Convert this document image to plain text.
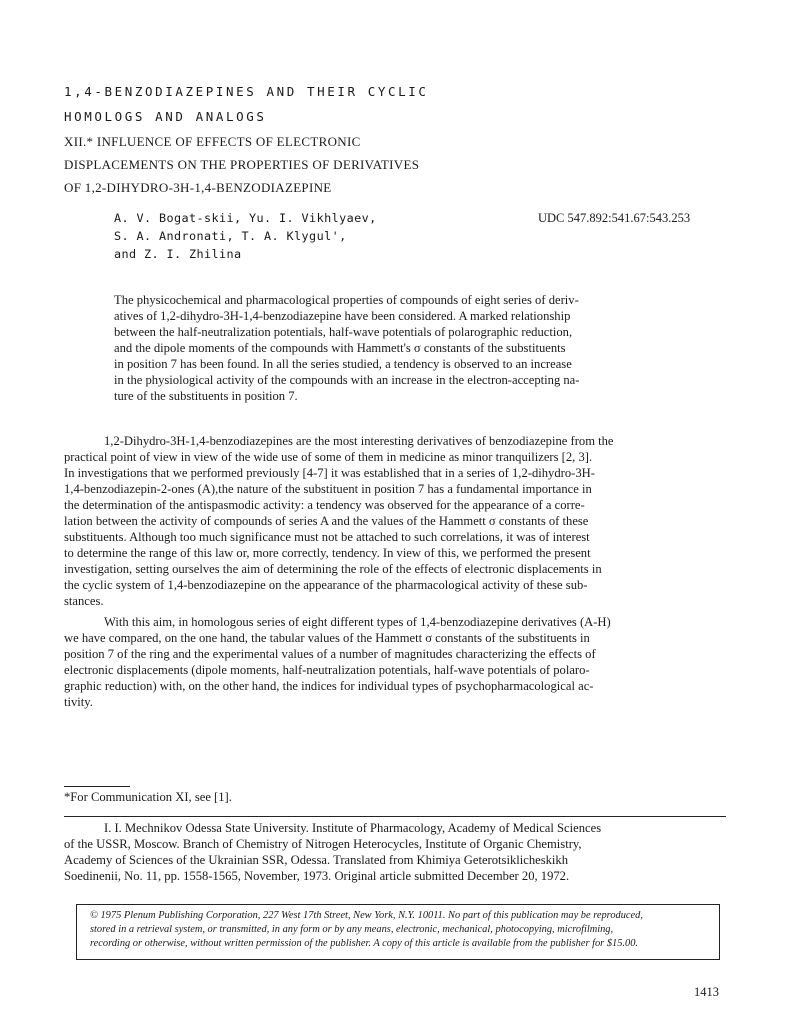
1,4-BENZODIAZEPINES AND THEIR CYCLIC

HOMOLOGS AND ANALOGS

XII.* INFLUENCE OF EFFECTS OF ELECTRONIC

DISPLACEMENTS ON THE PROPERTIES OF DERIVATIVES

OF 1,2-DIHYDRO-3H-1,4-BENZODIAZEPINE

A. V. Bogat-skii, Yu. I. Vikhlyaev,

S. A. Andronati, T. A. Klygul',

and Z. I. Zhilina

UDC 547.892:541.67:543.253

The physicochemical and pharmacological properties of compounds of eight series of deriv-

atives of 1,2-dihydro-3H-1,4-benzodiazepine have been considered. A marked relationship

between the half-neutralization potentials, half-wave potentials of polarographic reduction,

and the dipole moments of the compounds with Hammett's σ constants of the substituents

in position 7 has been found. In all the series studied, a tendency is observed to an increase

in the physiological activity of the compounds with an increase in the electron-accepting na-

ture of the substituents in position 7.

1,2-Dihydro-3H-1,4-benzodiazepines are the most interesting derivatives of benzodiazepine from the

practical point of view in view of the wide use of some of them in medicine as minor tranquilizers [2, 3].

In investigations that we performed previously [4-7] it was established that in a series of 1,2-dihydro-3H-

1,4-benzodiazepin-2-ones (A),the nature of the substituent in position 7 has a fundamental importance in

the determination of the antispasmodic activity: a tendency was observed for the appearance of a corre-

lation between the activity of compounds of series A and the values of the Hammett σ constants of these

substituents. Although too much significance must not be attached to such correlations, it was of interest

to determine the range of this law or, more correctly, tendency. In view of this, we performed the present

investigation, setting ourselves the aim of determining the role of the effects of electronic displacements in

the cyclic system of 1,4-benzodiazepine on the appearance of the pharmacological activity of these sub-

stances.

With this aim, in homologous series of eight different types of 1,4-benzodiazepine derivatives (A-H)

we have compared, on the one hand, the tabular values of the Hammett σ constants of the substituents in

position 7 of the ring and the experimental values of a number of magnitudes characterizing the effects of

electronic displacements (dipole moments, half-neutralization potentials, half-wave potentials of polaro-

graphic reduction) with, on the other hand, the indices for individual types of psychopharmacological ac-

tivity.

*For Communication XI, see [1].

I. I. Mechnikov Odessa State University. Institute of Pharmacology, Academy of Medical Sciences

of the USSR, Moscow. Branch of Chemistry of Nitrogen Heterocycles, Institute of Organic Chemistry,

Academy of Sciences of the Ukrainian SSR, Odessa. Translated from Khimiya Geterotsiklicheskikh

Soedinenii, No. 11, pp. 1558-1565, November, 1973. Original article submitted December 20, 1972.

© 1975 Plenum Publishing Corporation, 227 West 17th Street, New York, N.Y. 10011. No part of this publication may be reproduced,

stored in a retrieval system, or transmitted, in any form or by any means, electronic, mechanical, photocopying, microfilming,

recording or otherwise, without written permission of the publisher. A copy of this article is available from the publisher for $15.00.

1413
